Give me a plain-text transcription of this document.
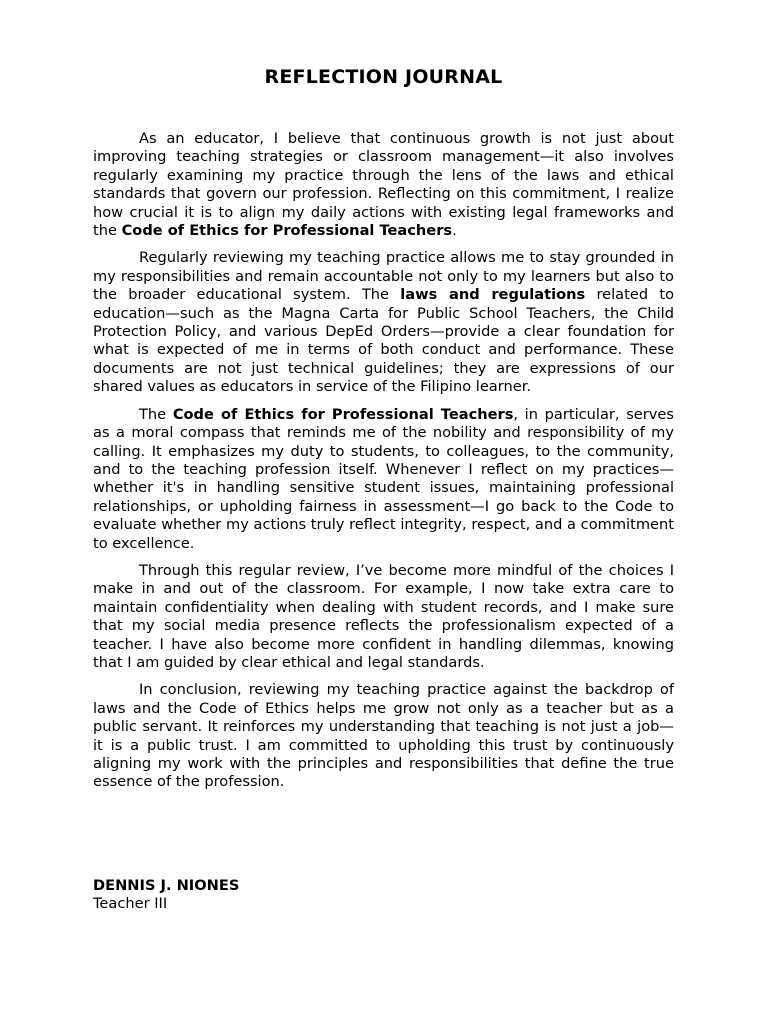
REFLECTION JOURNAL

As an educator, I believe that continuous growth is not just about improving teaching strategies or classroom management—it also involves regularly examining my practice through the lens of the laws and ethical standards that govern our profession. Reflecting on this commitment, I realize how crucial it is to align my daily actions with existing legal frameworks and the Code of Ethics for Professional Teachers.

Regularly reviewing my teaching practice allows me to stay grounded in my responsibilities and remain accountable not only to my learners but also to the broader educational system. The laws and regulations related to education—such as the Magna Carta for Public School Teachers, the Child Protection Policy, and various DepEd Orders—provide a clear foundation for what is expected of me in terms of both conduct and performance. These documents are not just technical guidelines; they are expressions of our shared values as educators in service of the Filipino learner.

The Code of Ethics for Professional Teachers, in particular, serves as a moral compass that reminds me of the nobility and responsibility of my calling. It emphasizes my duty to students, to colleagues, to the community, and to the teaching profession itself. Whenever I reflect on my practices—whether it's in handling sensitive student issues, maintaining professional relationships, or upholding fairness in assessment—I go back to the Code to evaluate whether my actions truly reflect integrity, respect, and a commitment to excellence.

Through this regular review, I’ve become more mindful of the choices I make in and out of the classroom. For example, I now take extra care to maintain confidentiality when dealing with student records, and I make sure that my social media presence reflects the professionalism expected of a teacher. I have also become more confident in handling dilemmas, knowing that I am guided by clear ethical and legal standards.

In conclusion, reviewing my teaching practice against the backdrop of laws and the Code of Ethics helps me grow not only as a teacher but as a public servant. It reinforces my understanding that teaching is not just a job—it is a public trust. I am committed to upholding this trust by continuously aligning my work with the principles and responsibilities that define the true essence of the profession.

DENNIS J. NIONES
Teacher III
